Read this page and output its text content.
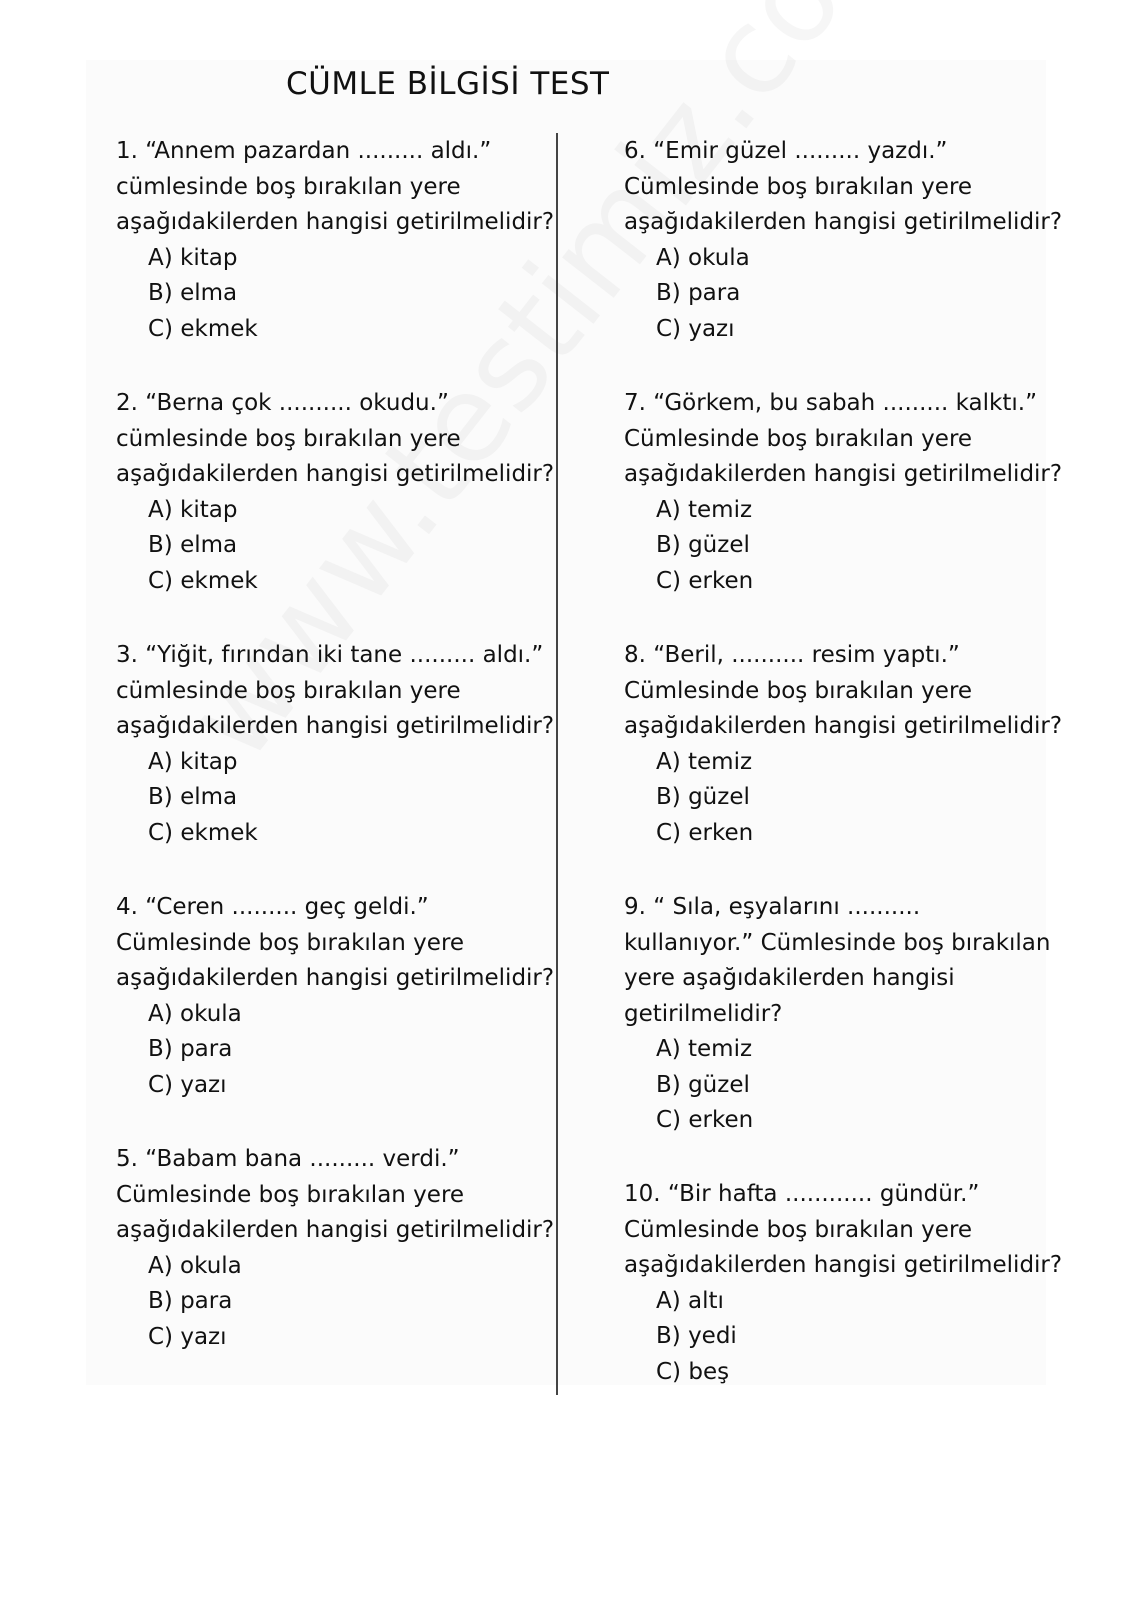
CÜMLE BİLGİSİ TEST
1. “Annem pazardan ......... aldı.”
cümlesinde boş bırakılan yere
aşağıdakilerden hangisi getirilmelidir?
A) kitap
B) elma
C) ekmek
2. “Berna çok .......... okudu.”
cümlesinde boş bırakılan yere
aşağıdakilerden hangisi getirilmelidir?
A) kitap
B) elma
C) ekmek
3. “Yiğit, fırından iki tane ......... aldı.”
cümlesinde boş bırakılan yere
aşağıdakilerden hangisi getirilmelidir?
A) kitap
B) elma
C) ekmek
4. “Ceren ......... geç geldi.”
Cümlesinde boş bırakılan yere
aşağıdakilerden hangisi getirilmelidir?
A) okula
B) para
C) yazı
5. “Babam bana ......... verdi.”
Cümlesinde boş bırakılan yere
aşağıdakilerden hangisi getirilmelidir?
A) okula
B) para
C) yazı
6. “Emir güzel ......... yazdı.”
Cümlesinde boş bırakılan yere
aşağıdakilerden hangisi getirilmelidir?
A) okula
B) para
C) yazı
7. “Görkem, bu sabah ......... kalktı.”
Cümlesinde boş bırakılan yere
aşağıdakilerden hangisi getirilmelidir?
A) temiz
B) güzel
C) erken
8. “Beril, .......... resim yaptı.”
Cümlesinde boş bırakılan yere
aşağıdakilerden hangisi getirilmelidir?
A) temiz
B) güzel
C) erken
9. “ Sıla, eşyalarını ..........
kullanıyor.” Cümlesinde boş bırakılan
yere aşağıdakilerden hangisi
getirilmelidir?
A) temiz
B) güzel
C) erken
10. “Bir hafta ............ gündür.”
Cümlesinde boş bırakılan yere
aşağıdakilerden hangisi getirilmelidir?
A) altı
B) yedi
C) beş
